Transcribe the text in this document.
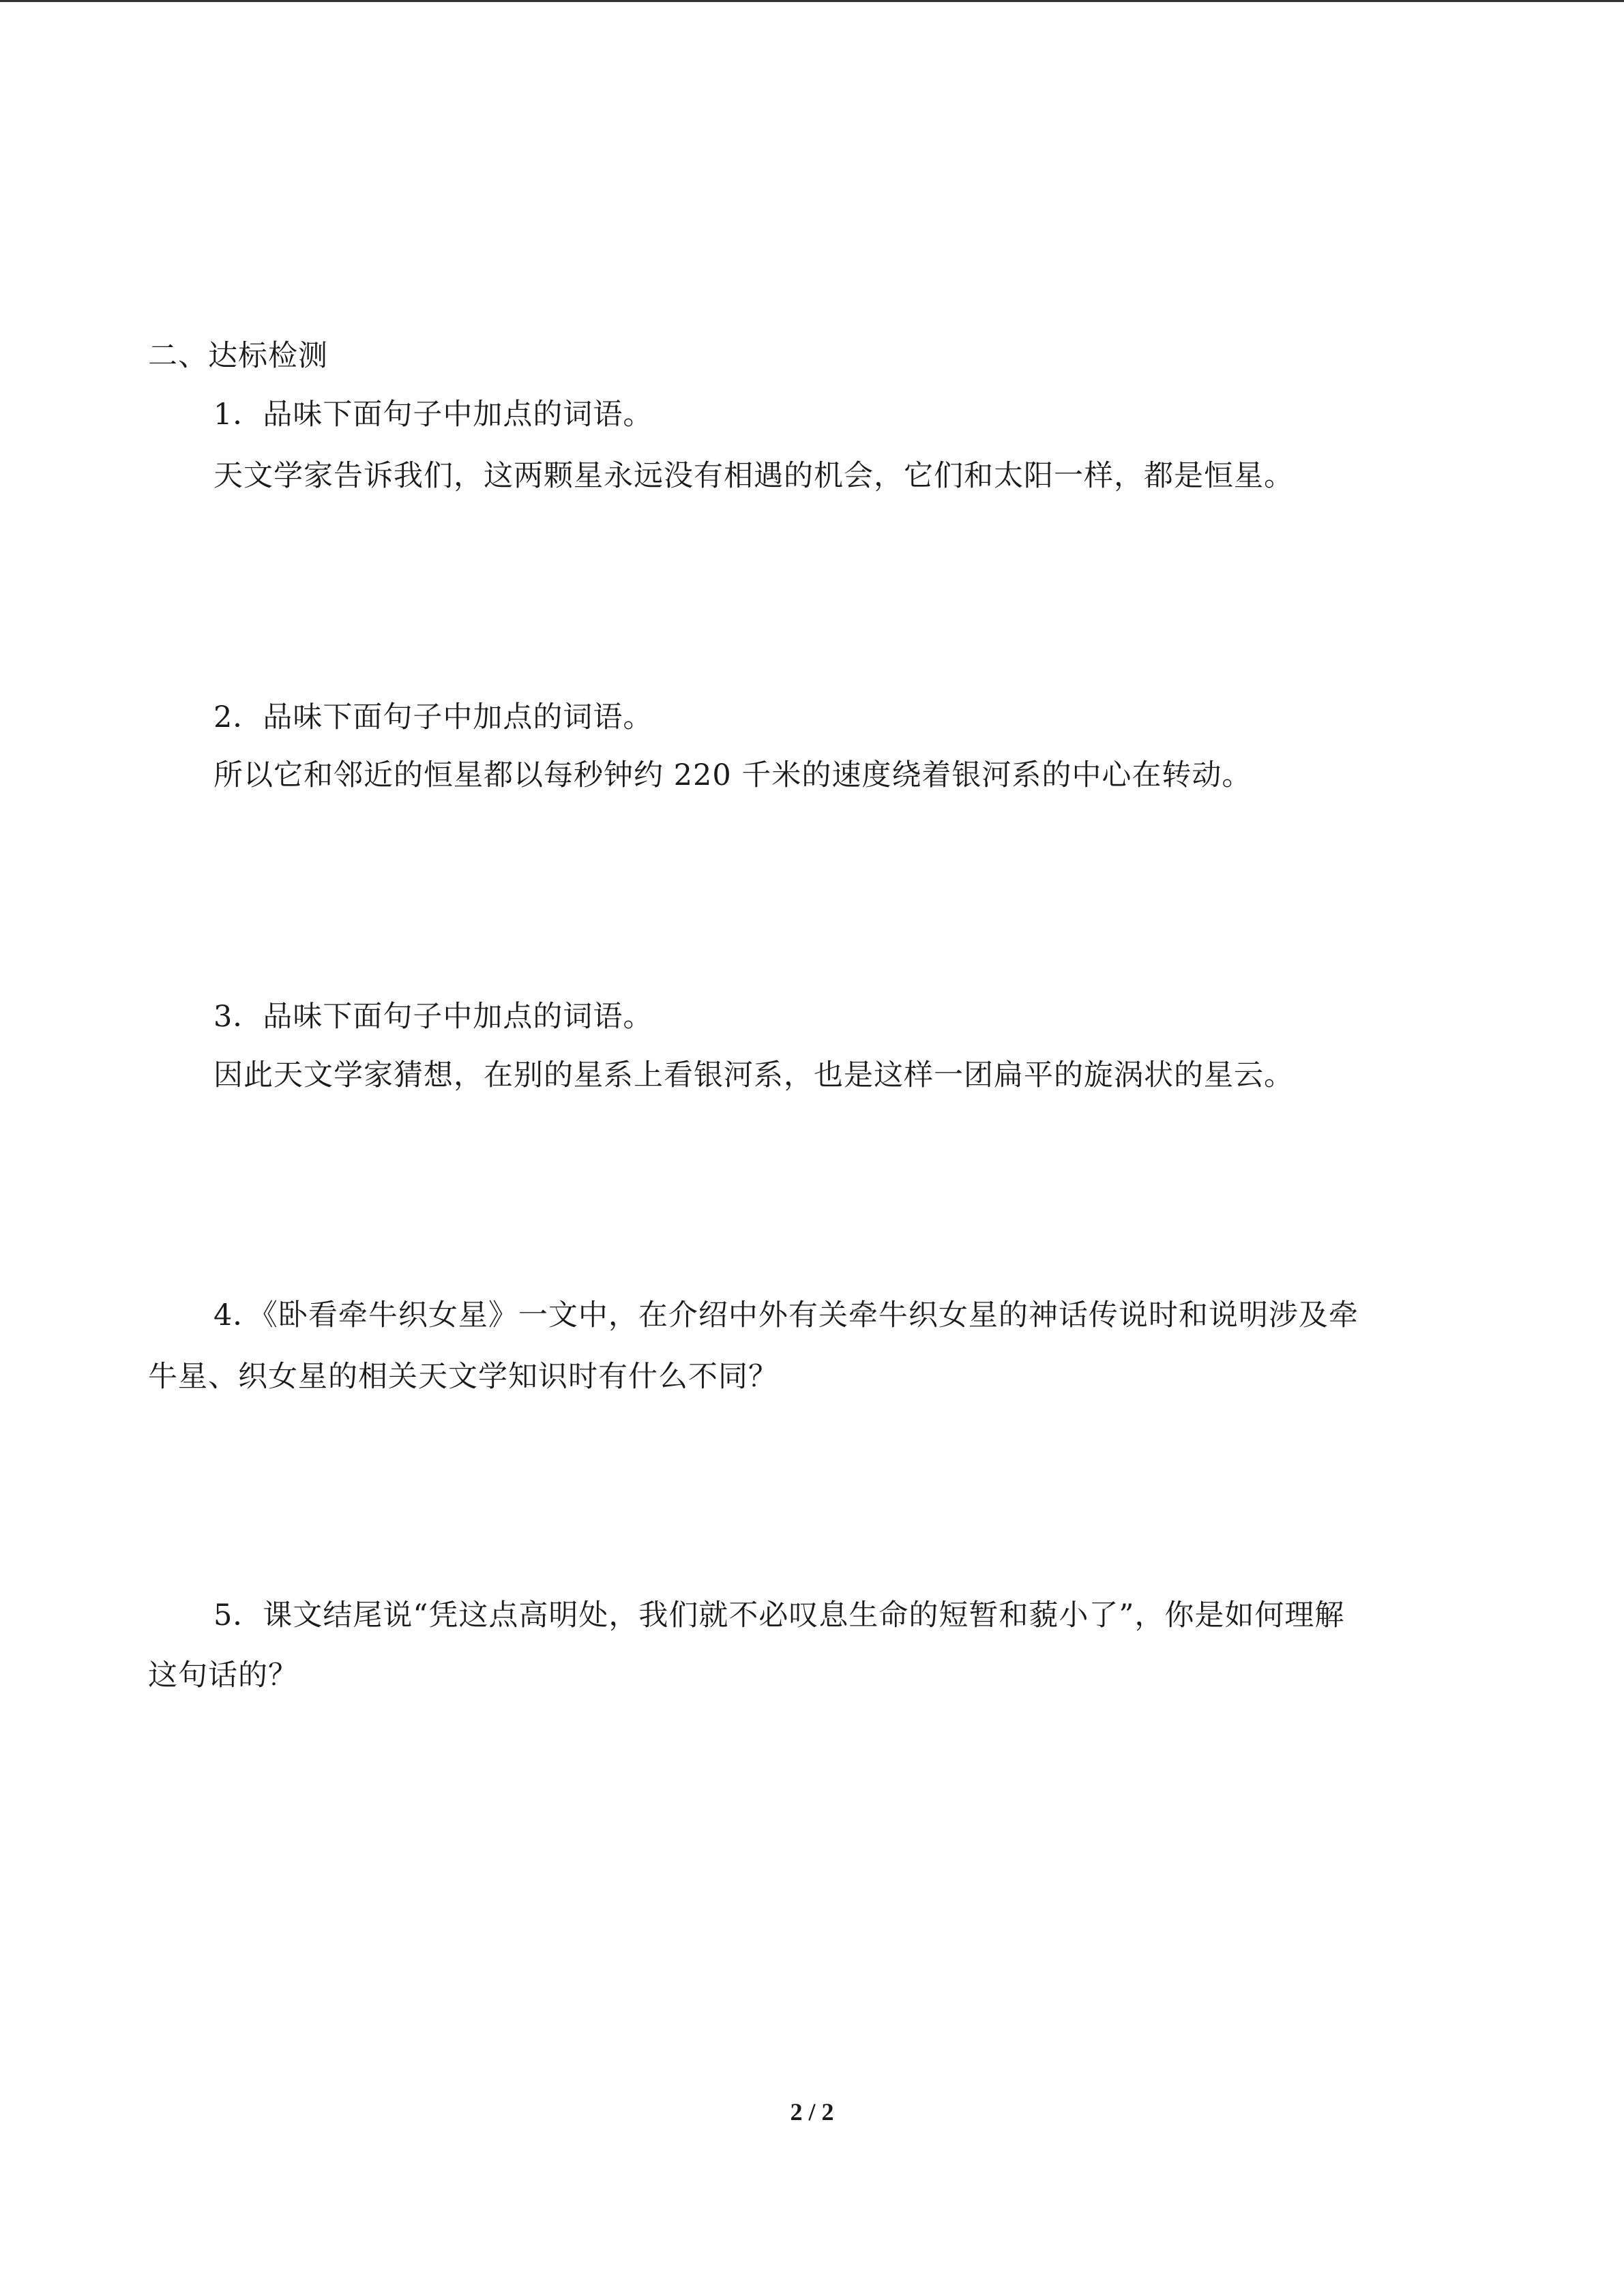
二、达标检测
1．品味下面句子中加点的词语。
天文学家告诉我们，这两颗星永远没有相遇的机会，它们和太阳一样，都是恒星。
2．品味下面句子中加点的词语。
所以它和邻近的恒星都以每秒钟约 220 千米的速度绕着银河系的中心在转动。
3．品味下面句子中加点的词语。
因此天文学家猜想，在别的星系上看银河系，也是这样一团扁平的旋涡状的星云。
4．《卧看牵牛织女星》一文中，在介绍中外有关牵牛织女星的神话传说时和说明涉及牵
牛星、织女星的相关天文学知识时有什么不同？
5．课文结尾说“凭这点高明处，我们就不必叹息生命的短暂和藐小了”，你是如何理解
这句话的？
2 / 2
